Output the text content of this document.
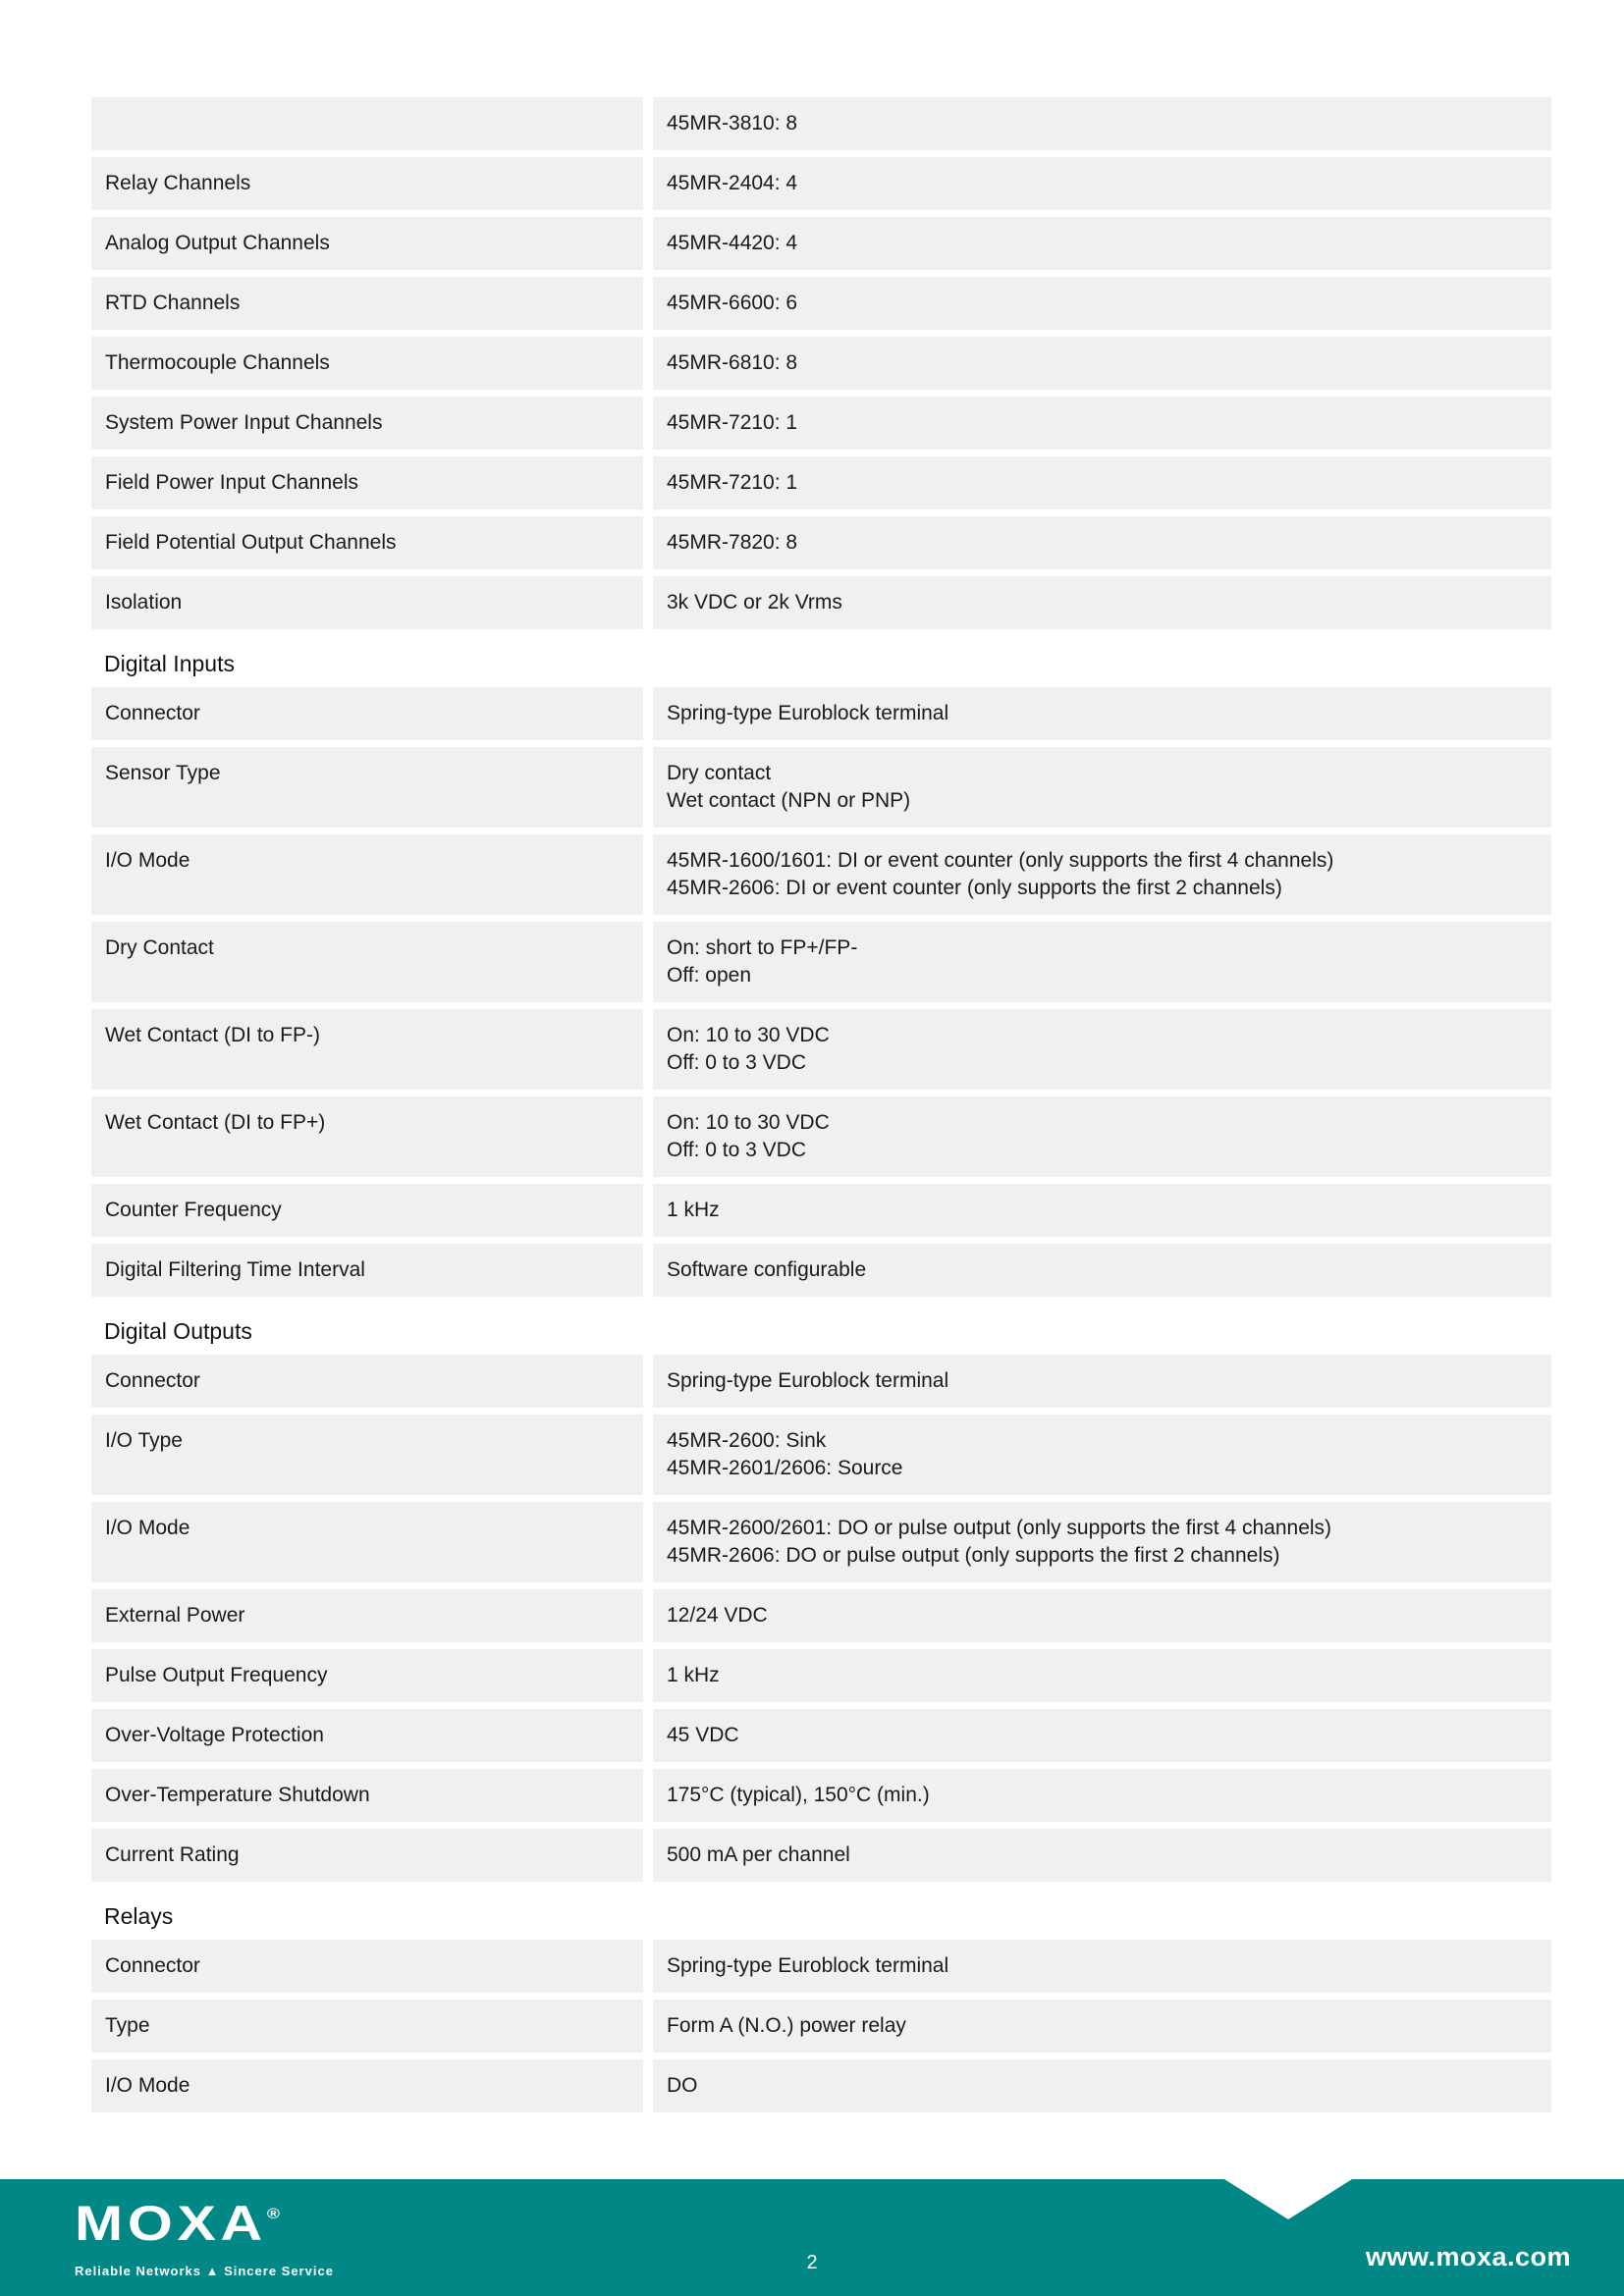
45MR-3810: 8
Relay Channels	45MR-2404: 4
Analog Output Channels	45MR-4420: 4
RTD Channels	45MR-6600: 6
Thermocouple Channels	45MR-6810: 8
System Power Input Channels	45MR-7210: 1
Field Power Input Channels	45MR-7210: 1
Field Potential Output Channels	45MR-7820: 8
Isolation	3k VDC or 2k Vrms
Digital Inputs
Connector	Spring-type Euroblock terminal
Sensor Type	Dry contact
Wet contact (NPN or PNP)
I/O Mode	45MR-1600/1601: DI or event counter (only supports the first 4 channels)
45MR-2606: DI or event counter (only supports the first 2 channels)
Dry Contact	On: short to FP+/FP-
Off: open
Wet Contact (DI to FP-)	On: 10 to 30 VDC
Off: 0 to 3 VDC
Wet Contact (DI to FP+)	On: 10 to 30 VDC
Off: 0 to 3 VDC
Counter Frequency	1 kHz
Digital Filtering Time Interval	Software configurable
Digital Outputs
Connector	Spring-type Euroblock terminal
I/O Type	45MR-2600: Sink
45MR-2601/2606: Source
I/O Mode	45MR-2600/2601: DO or pulse output (only supports the first 4 channels)
45MR-2606: DO or pulse output (only supports the first 2 channels)
External Power	12/24 VDC
Pulse Output Frequency	1 kHz
Over-Voltage Protection	45 VDC
Over-Temperature Shutdown	175°C (typical), 150°C (min.)
Current Rating	500 mA per channel
Relays
Connector	Spring-type Euroblock terminal
Type	Form A (N.O.) power relay
I/O Mode	DO
MOXA®
Reliable Networks ▲ Sincere Service	2	www.moxa.com
